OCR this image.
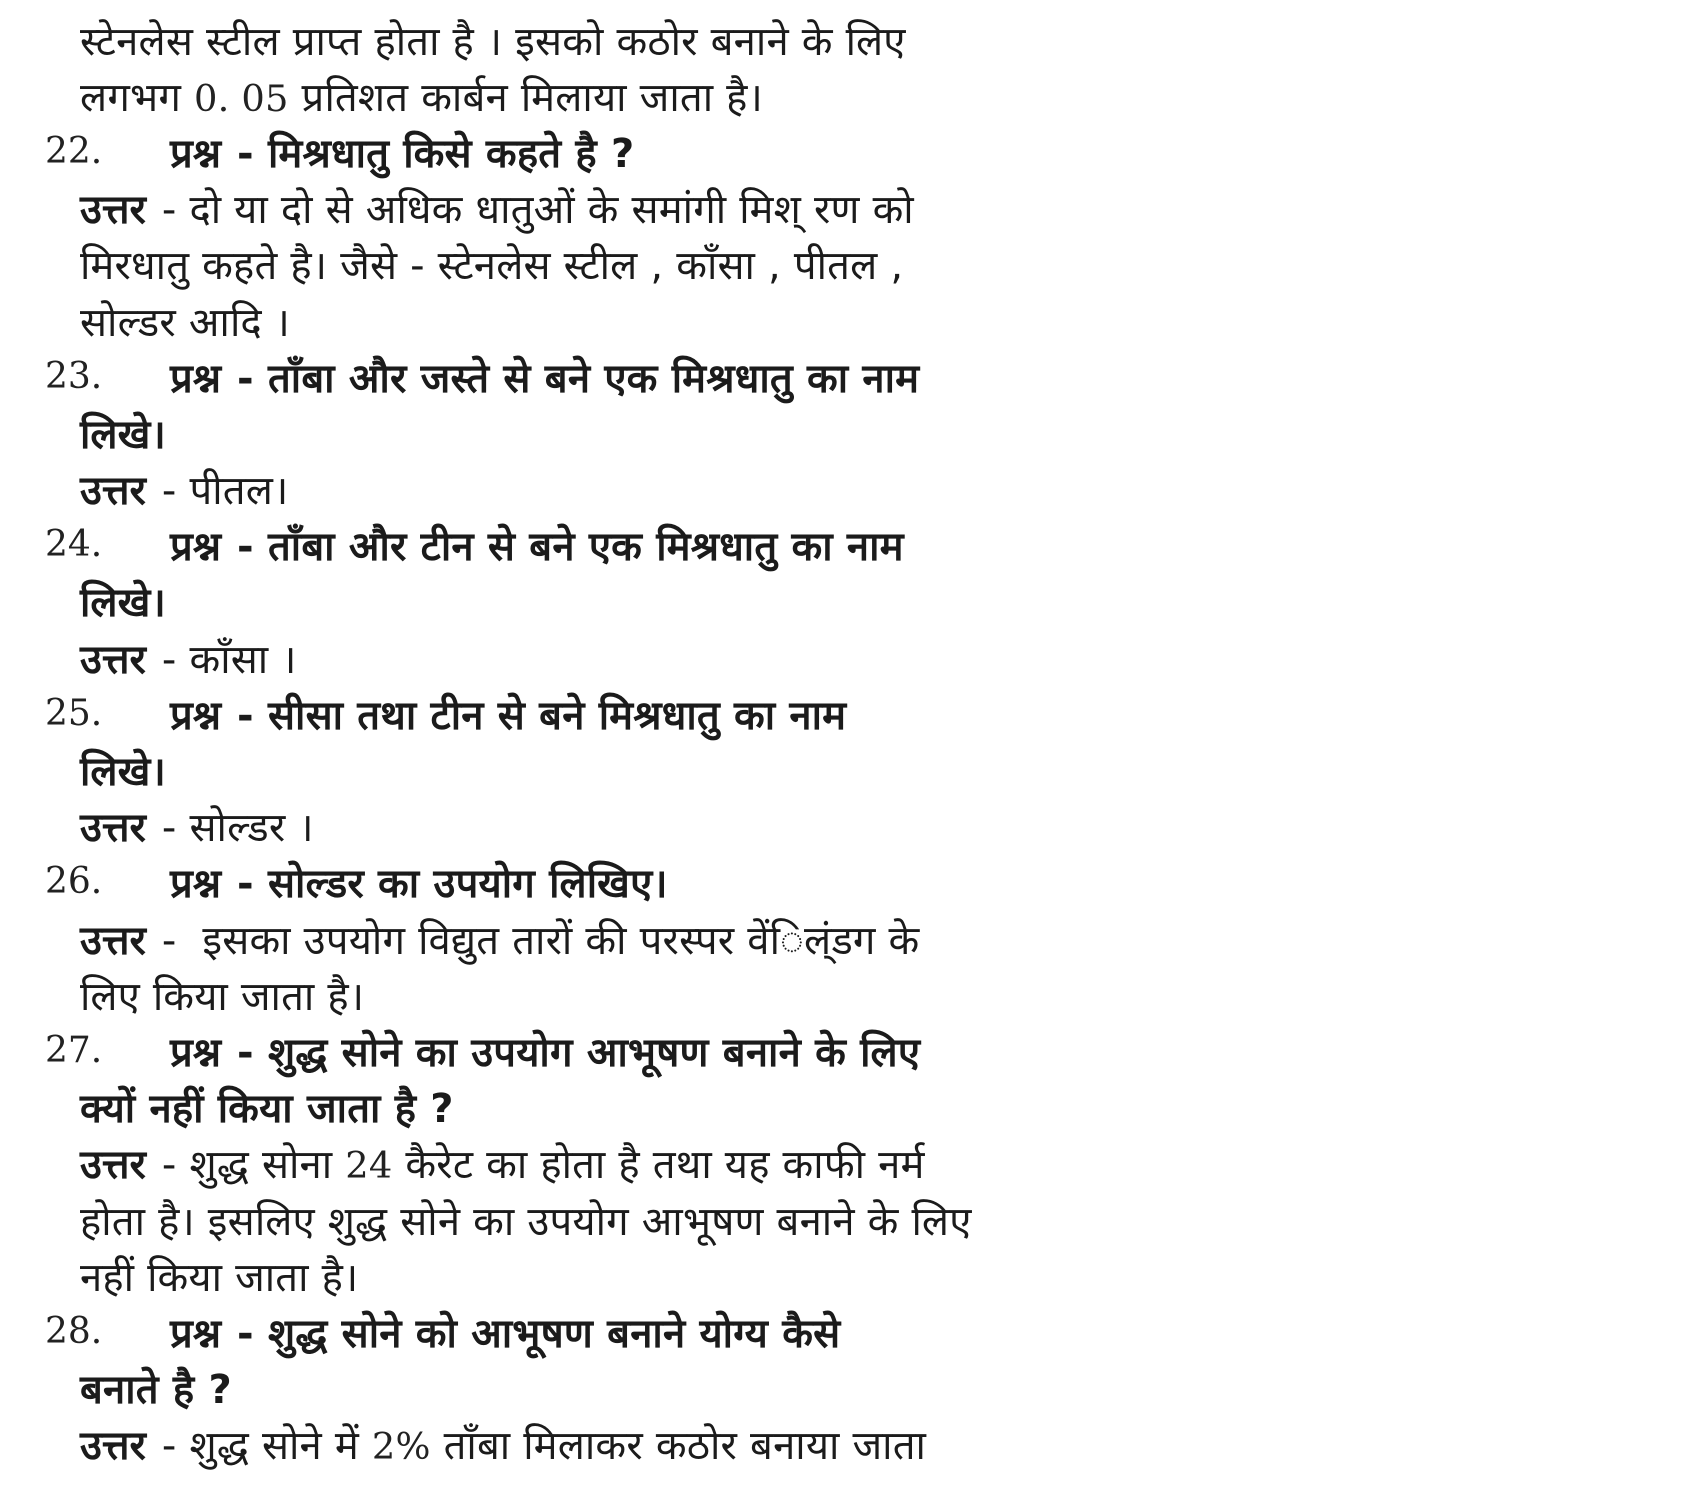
स्टेनलेस स्टील प्राप्त होता है । इसको कठोर बनाने के लिए
लगभग 0. 05 प्रतिशत कार्बन मिलाया जाता है।
22.	प्रश्न - मिश्रधातु किसे कहते है ?
उत्तर - दो या दो से अधिक धातुओं के समांगी मिश् रण को
मिरधातु कहते है। जैसे - स्टेनलेस स्टील , काँसा , पीतल ,
सोल्डर आदि ।
23.	प्रश्न - ताँबा और जस्ते से बने एक मिश्रधातु का नाम
लिखे।
उत्तर - पीतल।
24.	प्रश्न - ताँबा और टीन से बने एक मिश्रधातु का नाम
लिखे।
उत्तर - काँसा ।
25.	प्रश्न - सीसा तथा टीन से बने मिश्रधातु का नाम
लिखे।
उत्तर - सोल्डर ।
26.	प्रश्न - सोल्डर का उपयोग लिखिए।
उत्तर -  इसका उपयोग विद्युत तारों की परस्पर वें◌िल्ंडग के
लिए किया जाता है।
27.	प्रश्न - शुद्ध सोने का उपयोग आभूषण बनाने के लिए
क्यों नहीं किया जाता है ?
उत्तर - शुद्ध सोना 24 कैरेट का होता है तथा यह काफी नर्म
होता है। इसलिए शुद्ध सोने का उपयोग आभूषण बनाने के लिए
नहीं किया जाता है।
28.	प्रश्न - शुद्ध सोने को आभूषण बनाने योग्य कैसे
बनाते है ?
उत्तर - शुद्ध सोने में 2% ताँबा मिलाकर कठोर बनाया जाता
